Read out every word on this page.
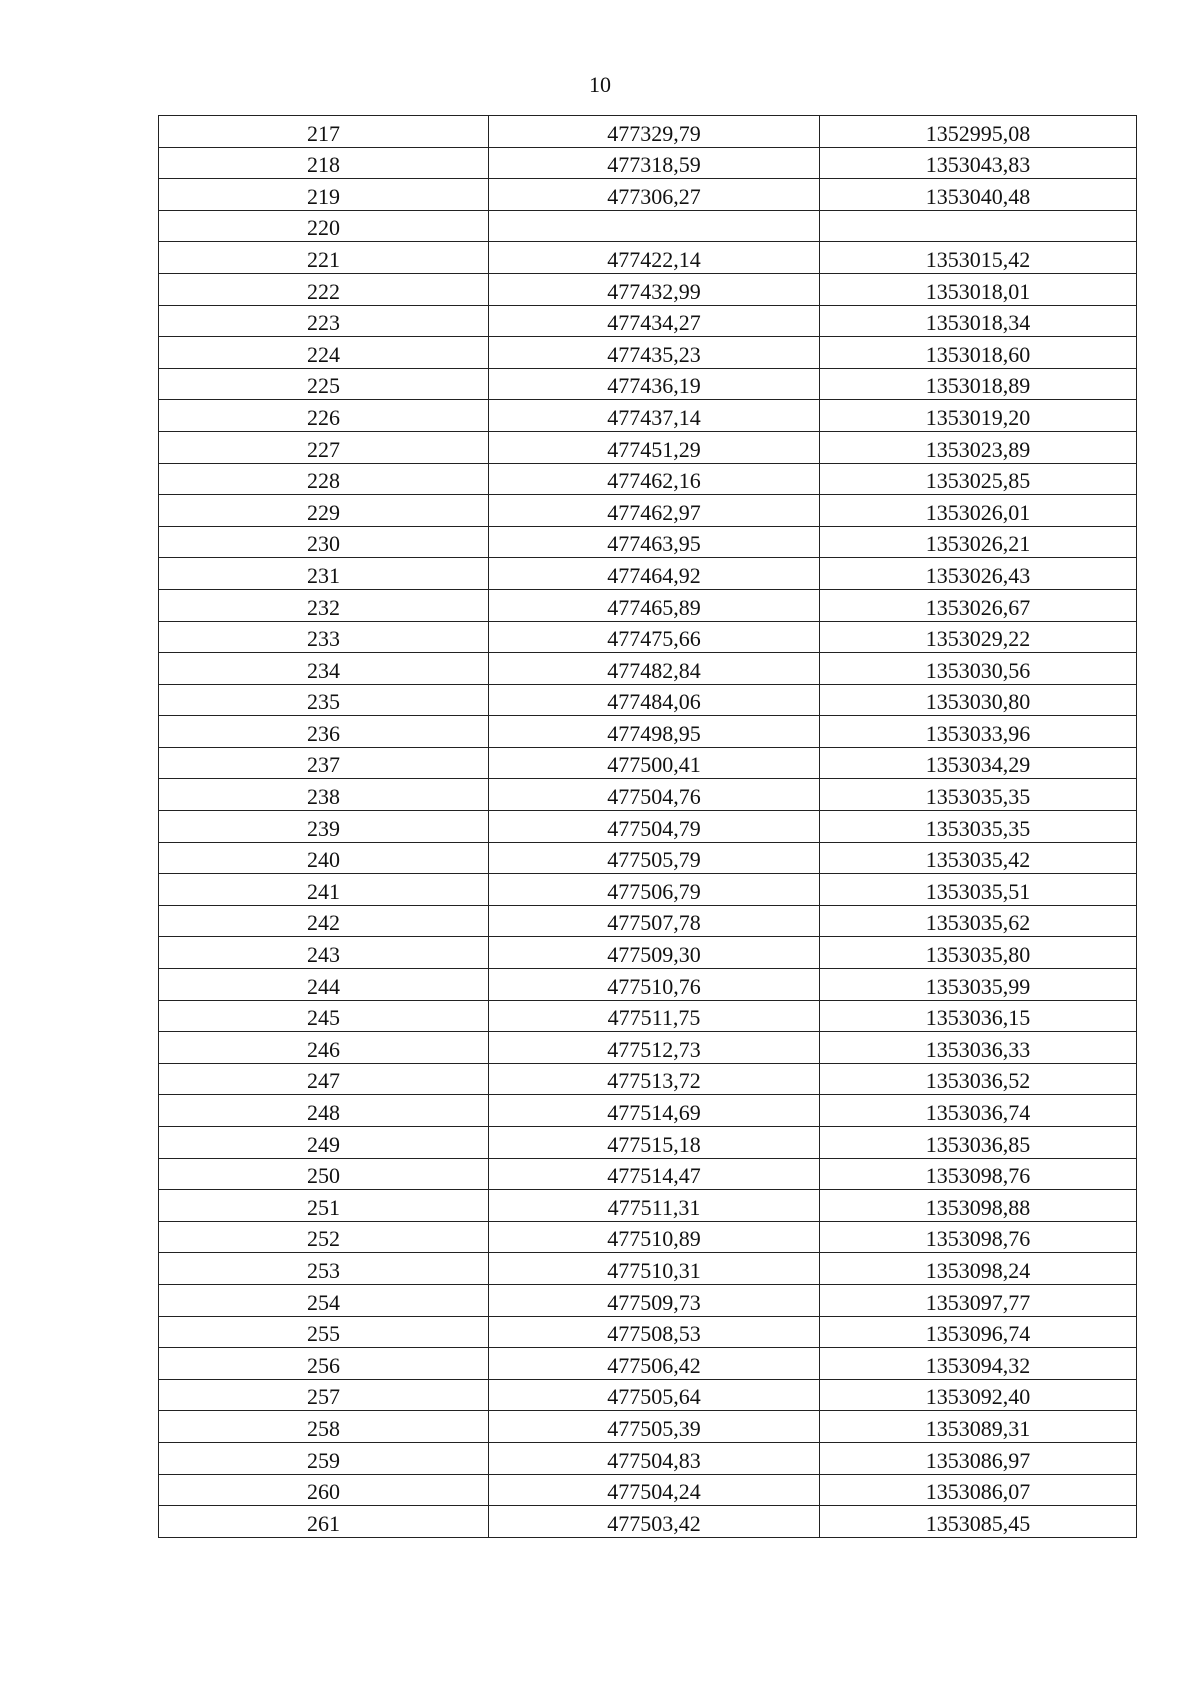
10
217	477329,79	1352995,08
218	477318,59	1353043,83
219	477306,27	1353040,48
220		
221	477422,14	1353015,42
222	477432,99	1353018,01
223	477434,27	1353018,34
224	477435,23	1353018,60
225	477436,19	1353018,89
226	477437,14	1353019,20
227	477451,29	1353023,89
228	477462,16	1353025,85
229	477462,97	1353026,01
230	477463,95	1353026,21
231	477464,92	1353026,43
232	477465,89	1353026,67
233	477475,66	1353029,22
234	477482,84	1353030,56
235	477484,06	1353030,80
236	477498,95	1353033,96
237	477500,41	1353034,29
238	477504,76	1353035,35
239	477504,79	1353035,35
240	477505,79	1353035,42
241	477506,79	1353035,51
242	477507,78	1353035,62
243	477509,30	1353035,80
244	477510,76	1353035,99
245	477511,75	1353036,15
246	477512,73	1353036,33
247	477513,72	1353036,52
248	477514,69	1353036,74
249	477515,18	1353036,85
250	477514,47	1353098,76
251	477511,31	1353098,88
252	477510,89	1353098,76
253	477510,31	1353098,24
254	477509,73	1353097,77
255	477508,53	1353096,74
256	477506,42	1353094,32
257	477505,64	1353092,40
258	477505,39	1353089,31
259	477504,83	1353086,97
260	477504,24	1353086,07
261	477503,42	1353085,45
